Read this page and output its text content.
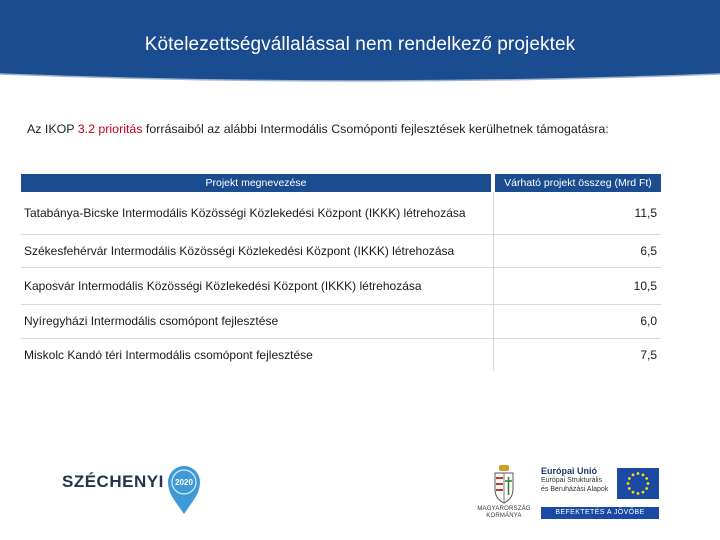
Kötelezettségvállalással nem rendelkező projektek
Az IKOP 3.2 prioritás forrásaiból az alábbi Intermodális Csomóponti fejlesztések kerülhetnek támogatásra:
Projekt megnevezése	Várható projekt összeg (Mrd Ft)
Tatabánya-Bicske Intermodális Közösségi Közlekedési Központ (IKKK) létrehozása	11,5
Székesfehérvár Intermodális Közösségi Közlekedési Központ (IKKK) létrehozása	6,5
Kaposvár Intermodális Közösségi Közlekedési Központ (IKKK) létrehozása	10,5
Nyíregyházi Intermodális csomópont fejlesztése	6,0
Miskolc Kandó téri Intermodális csomópont fejlesztése	7,5
SZÉCHENYI 2020
MAGYARORSZÁG KORMÁNYA
Európai Unió
Európai Strukturális és Beruházási Alapok
BEFEKTETÉS A JÖVŐBE
